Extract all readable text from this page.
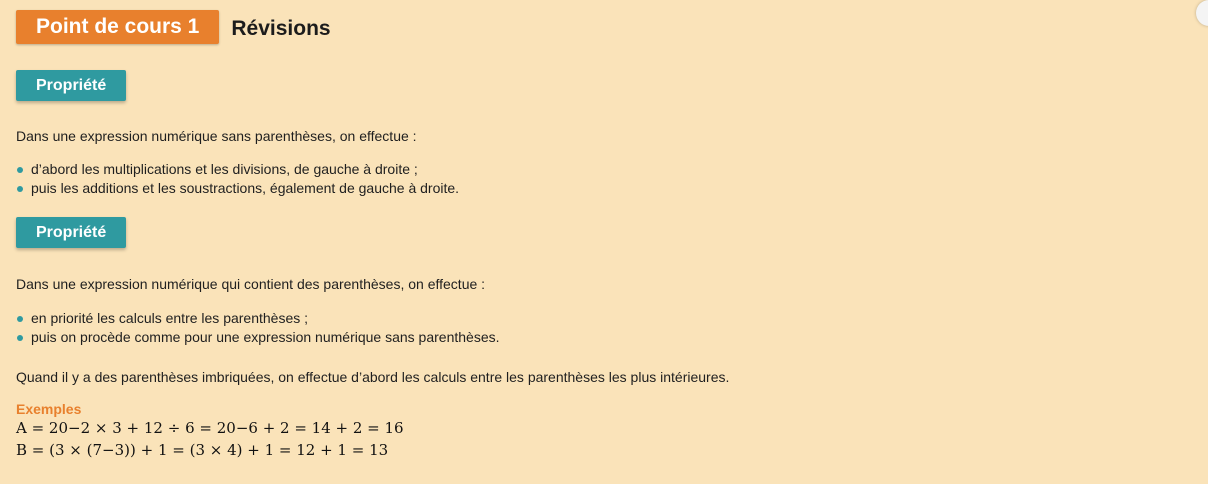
Point de cours 1	Révisions
Propriété

Dans une expression numérique sans parenthèses, on effectue :

d’abord les multiplications et les divisions, de gauche à droite ;
puis les additions et les soustractions, également de gauche à droite.
Propriété

Dans une expression numérique qui contient des parenthèses, on effectue :

en priorité les calculs entre les parenthèses ;
puis on procède comme pour une expression numérique sans parenthèses.

Quand il y a des parenthèses imbriquées, on effectue d’abord les calculs entre les parenthèses les plus intérieures.

Exemples

A = 20−2 × 3 + 12 ÷ 6 = 20−6 + 2 = 14 + 2 = 16

B = (3 × (7−3)) + 1 = (3 × 4) + 1 = 12 + 1 = 13
